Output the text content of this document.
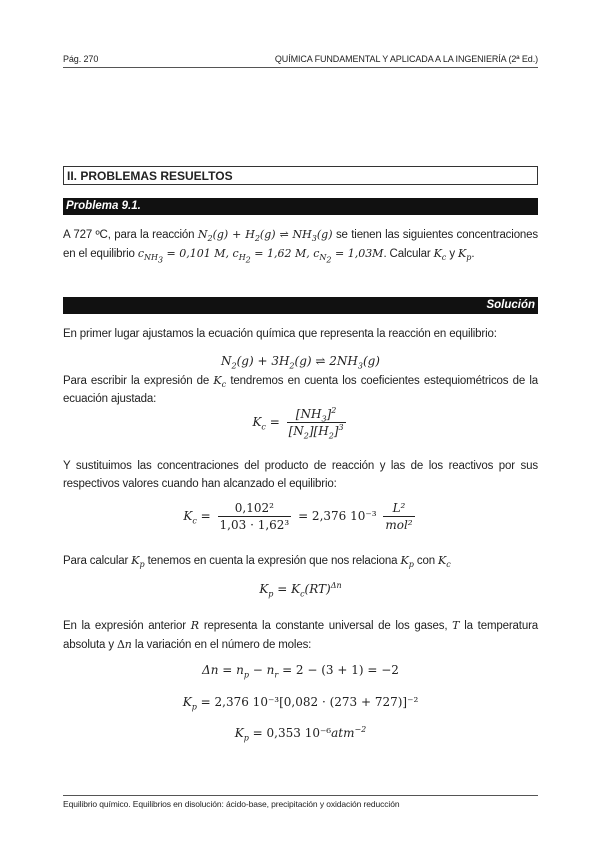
Pág. 270	QUÍMICA FUNDAMENTAL Y APLICADA A LA INGENIERÍA (2ª Ed.)
II. PROBLEMAS RESUELTOS
Problema 9.1.
A 727 ºC, para la reacción $N_2(g) + H_2(g)$ ⇌ $NH_3(g)$ se tienen las siguientes concentraciones en el equilibrio $c_{NH_3} = 0,101$ M, $c_{H_2} = 1,62$ M, $c_{N_2} = 1,03M$. Calcular $K_c$ y $K_p$.
Solución
En primer lugar ajustamos la ecuación química que representa la reacción en equilibrio:
$N_2(g) + 3H_2(g)$ ⇌ $2NH_3(g)$
Para escribir la expresión de $K_c$ tendremos en cuenta los coeficientes estequiométricos de la ecuación ajustada:
$K_c = \frac{[NH_3]^2}{[N_2][H_2]^3}$
Y sustituimos las concentraciones del producto de reacción y las de los reactivos por sus respectivos valores cuando han alcanzado el equilibrio:
$K_c = \frac{\text{0,102²}}{\text{1,03 · 1,62³}} = 2,376$ $10^{-3} \frac{\text{L²}}{\text{mol²}}$
Para calcular $K_p$ tenemos en cuenta la expresión que nos relaciona $K_p$ con $K_c$
$K_p = K_c(RT)^{\Delta n}$
En la expresión anterior R representa la constante universal de los gases, T la temperatura absoluta y Δn la variación en el número de moles:
$\Delta n = n_p - n_r = 2 - (3 + 1) = -2$
$K_p = 2,376$ 10⁻³[0,082 · (273 + 727)]⁻²
$K_p = 0,353$ 10⁻⁶atm$^{-2}$
Equilibrio químico. Equilibrios en disolución: ácido-base, precipitación y oxidación reducción
